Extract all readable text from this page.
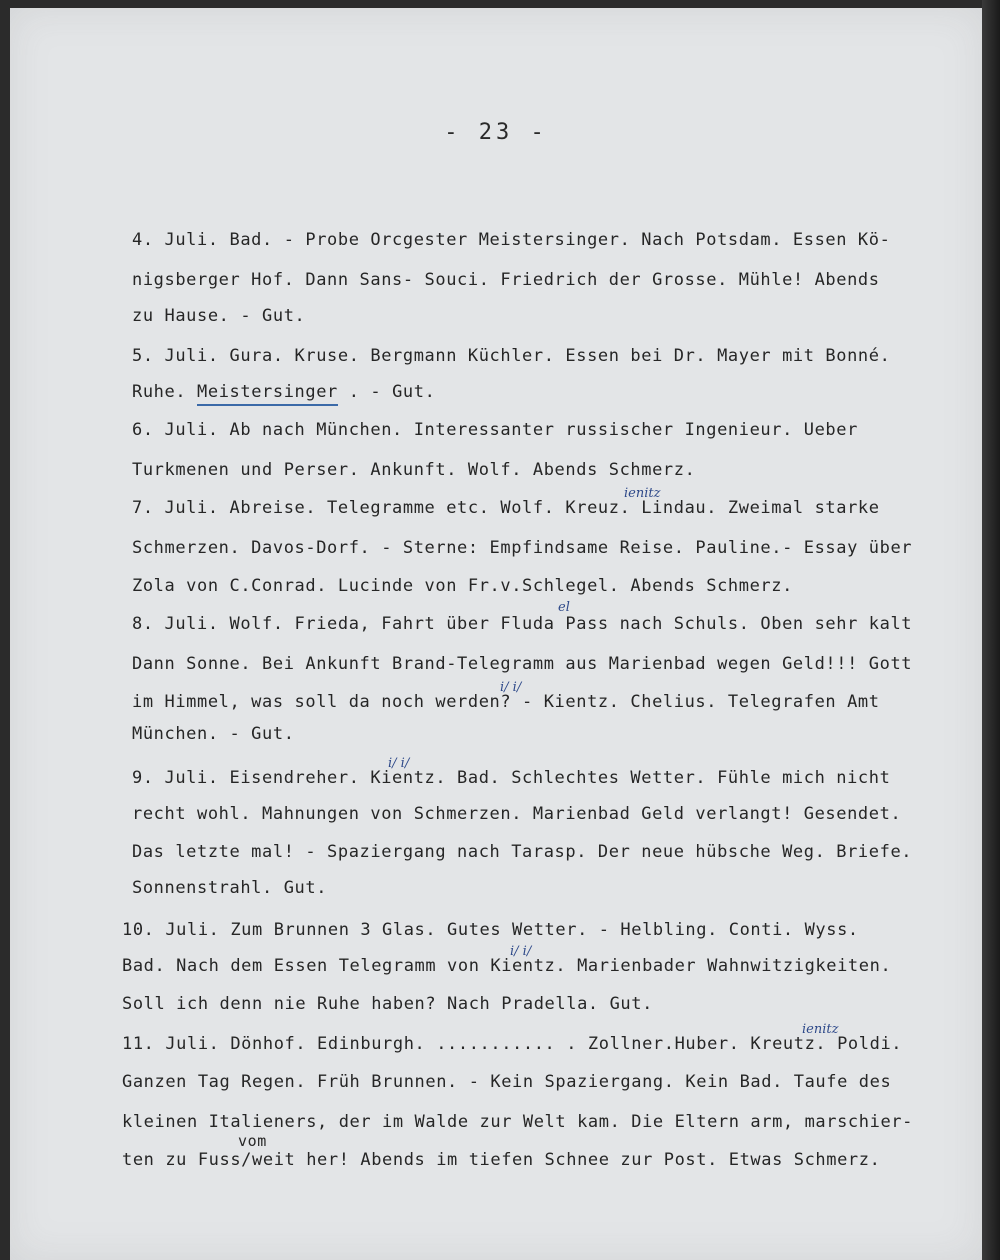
- 23 -
4. Juli. Bad. - Probe Orcgester Meistersinger. Nach Potsdam. Essen Kö-
nigsberger Hof. Dann Sans- Souci. Friedrich der Grosse. Mühle! Abends
zu Hause. - Gut.
5. Juli. Gura. Kruse. Bergmann Küchler. Essen bei Dr. Mayer mit Bonné.
Ruhe. Meistersinger . - Gut.
6. Juli. Ab nach München. Interessanter russischer Ingenieur. Ueber
Turkmenen und Perser. Ankunft. Wolf. Abends Schmerz.
7. Juli. Abreise. Telegramme etc. Wolf. Kreuz. Lindau. Zweimal starke
Schmerzen. Davos-Dorf. - Sterne: Empfindsame Reise. Pauline.- Essay über
Zola von C.Conrad. Lucinde von Fr.v.Schlegel. Abends Schmerz.
8. Juli. Wolf. Frieda, Fahrt über Fluda Pass nach Schuls. Oben sehr kalt
Dann Sonne. Bei Ankunft Brand-Telegramm aus Marienbad wegen Geld!!! Gott
im Himmel, was soll da noch werden? - Kientz. Chelius. Telegrafen Amt
München. - Gut.
9. Juli. Eisendreher. Kientz. Bad. Schlechtes Wetter. Fühle mich nicht
recht wohl. Mahnungen von Schmerzen. Marienbad Geld verlangt! Gesendet.
Das letzte mal! - Spaziergang nach Tarasp. Der neue hübsche Weg. Briefe.
Sonnenstrahl. Gut.
10. Juli. Zum Brunnen 3 Glas. Gutes Wetter. - Helbling. Conti. Wyss.
Bad. Nach dem Essen Telegramm von Kientz. Marienbader Wahnwitzigkeiten.
Soll ich denn nie Ruhe haben? Nach Pradella. Gut.
11. Juli. Dönhof. Edinburgh. ........... . Zollner.Huber. Kreutz. Poldi.
Ganzen Tag Regen. Früh Brunnen. - Kein Spaziergang. Kein Bad. Taufe des
kleinen Italieners, der im Walde zur Welt kam. Die Eltern arm, marschier-
ten zu Fuss/weit her! Abends im tiefen Schnee zur Post. Etwas Schmerz.
el
ienitz
ienitz
i/ i/
i/ i/
i/ i/
vom
